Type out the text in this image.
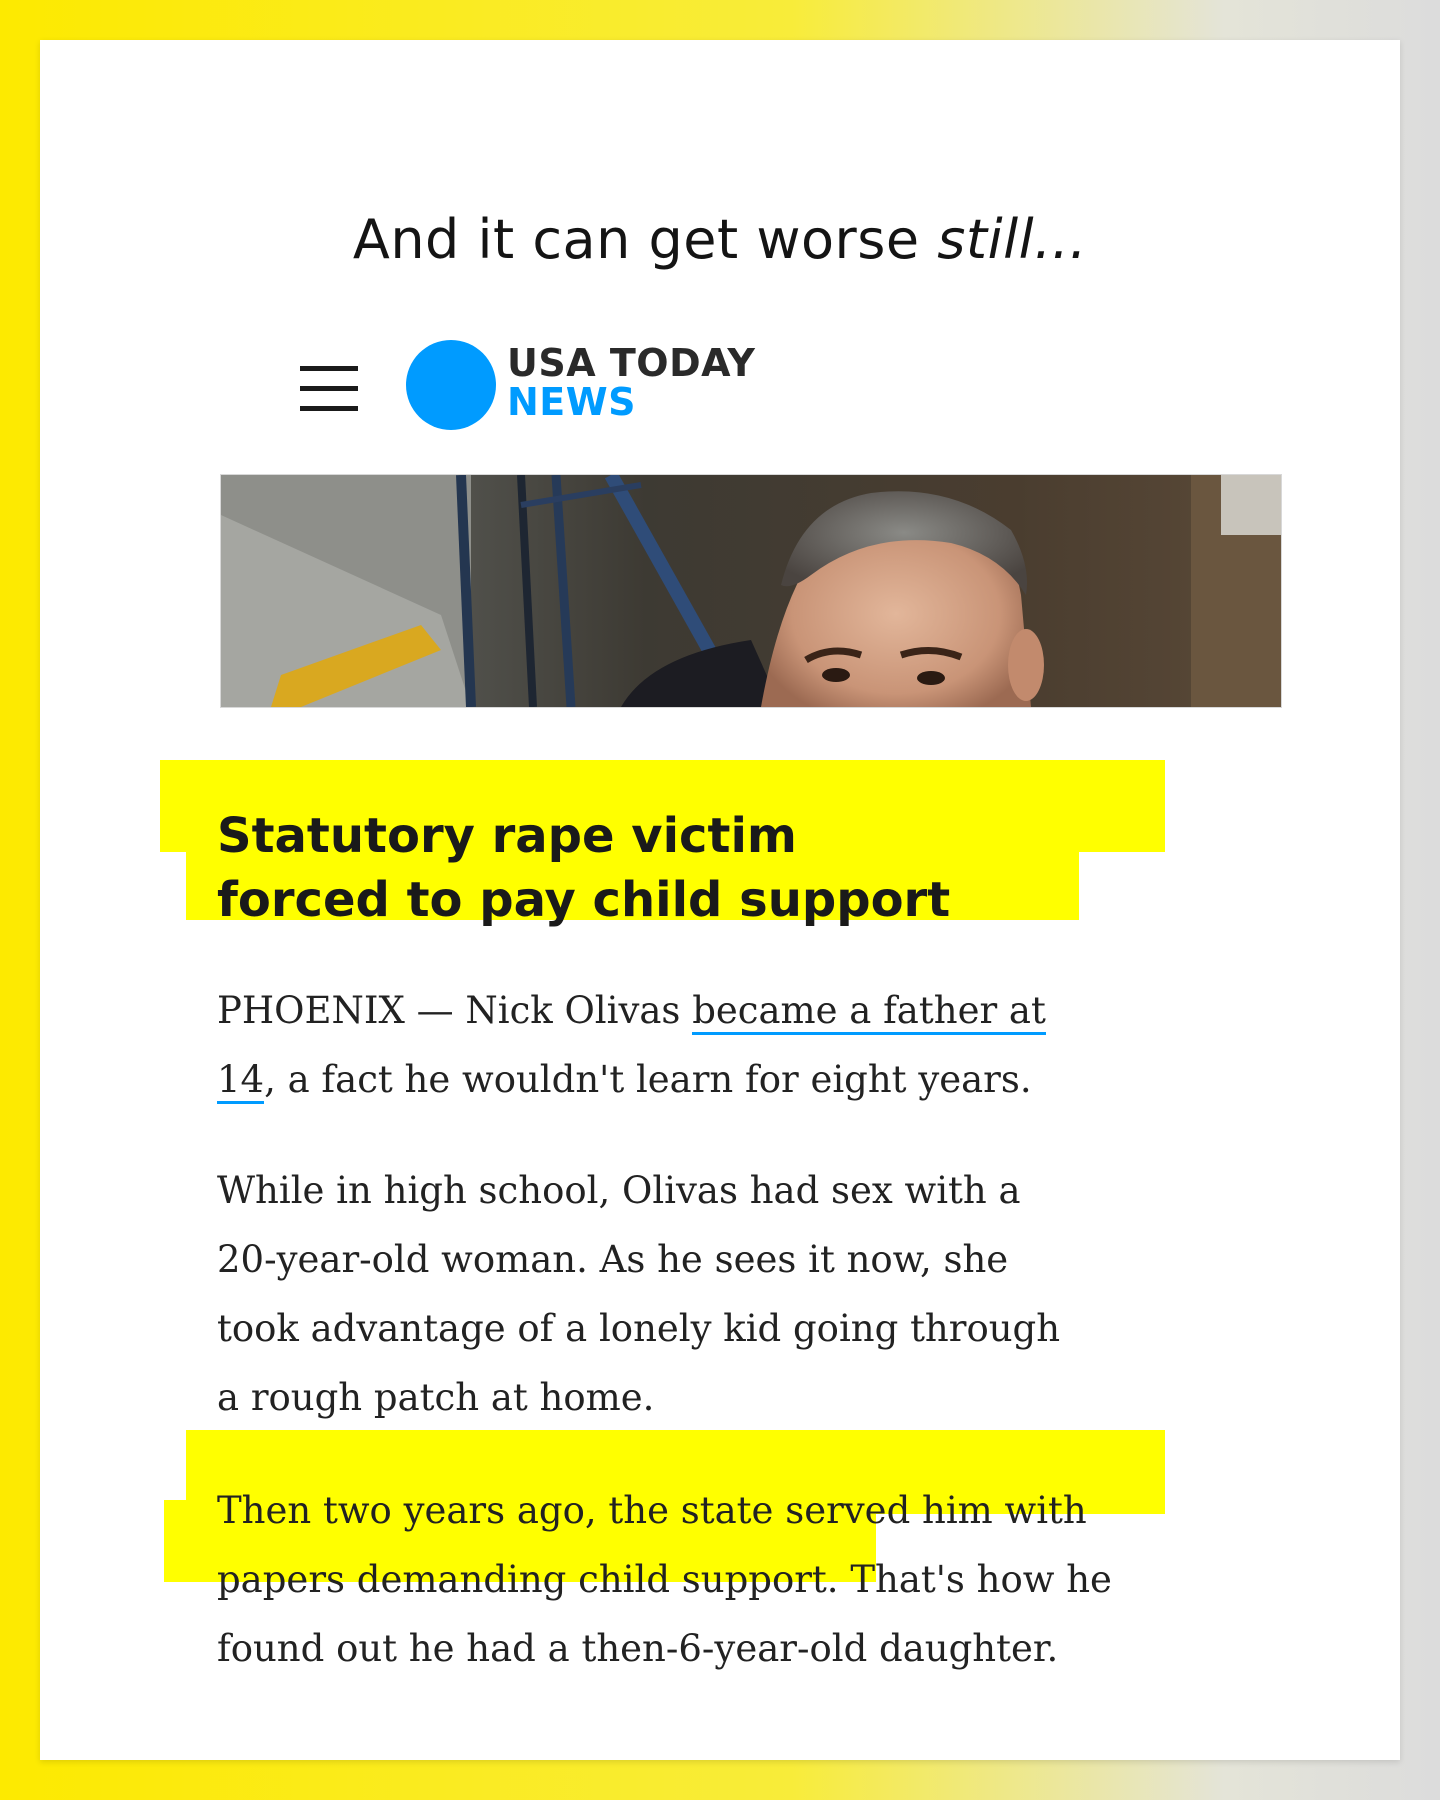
And it can get worse still...
USA TODAY
NEWS
Statutory rape victim
forced to pay child support

PHOENIX — Nick Olivas became a father at
14, a fact he wouldn't learn for eight years.

While in high school, Olivas had sex with a
20-year-old woman. As he sees it now, she
took advantage of a lonely kid going through
a rough patch at home.

Then two years ago, the state served him with
papers demanding child support. That's how he
found out he had a then-6-year-old daughter.
